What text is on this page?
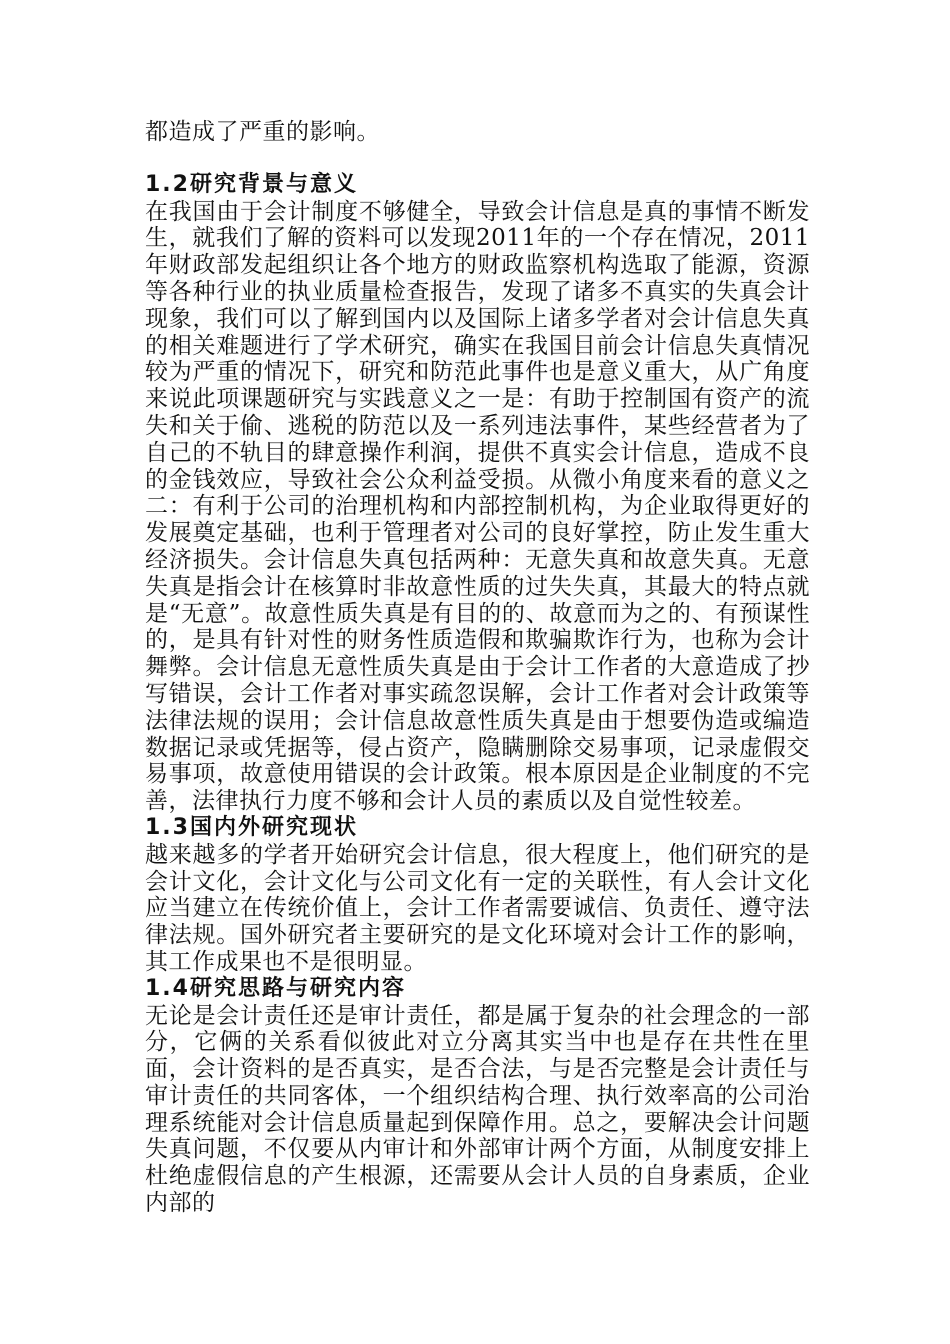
都造成了严重的影响。

1.2研究背景与意义

在我国由于会计制度不够健全，导致会计信息是真的事情不断发生，就我们了解的资料可以发现2011年的一个存在情况，2011年财政部发起组织让各个地方的财政监察机构选取了能源，资源等各种行业的执业质量检查报告，发现了诸多不真实的失真会计现象，我们可以了解到国内以及国际上诸多学者对会计信息失真的相关难题进行了学术研究，确实在我国目前会计信息失真情况较为严重的情况下，研究和防范此事件也是意义重大，从广角度来说此项课题研究与实践意义之一是：有助于控制国有资产的流失和关于偷、逃税的防范以及一系列违法事件，某些经营者为了自己的不轨目的肆意操作利润，提供不真实会计信息，造成不良的金钱效应，导致社会公众利益受损。从微小角度来看的意义之二：有利于公司的治理机构和内部控制机构，为企业取得更好的发展奠定基础，也利于管理者对公司的良好掌控，防止发生重大经济损失。会计信息失真包括两种：无意失真和故意失真。无意失真是指会计在核算时非故意性质的过失失真，其最大的特点就是“无意”。故意性质失真是有目的的、故意而为之的、有预谋性的，是具有针对性的财务性质造假和欺骗欺诈行为，也称为会计舞弊。会计信息无意性质失真是由于会计工作者的大意造成了抄写错误，会计工作者对事实疏忽误解，会计工作者对会计政策等法律法规的误用；会计信息故意性质失真是由于想要伪造或编造数据记录或凭据等，侵占资产，隐瞒删除交易事项，记录虚假交易事项，故意使用错误的会计政策。根本原因是企业制度的不完善，法律执行力度不够和会计人员的素质以及自觉性较差。

1.3国内外研究现状

越来越多的学者开始研究会计信息，很大程度上，他们研究的是会计文化，会计文化与公司文化有一定的关联性，有人会计文化应当建立在传统价值上，会计工作者需要诚信、负责任、遵守法律法规。国外研究者主要研究的是文化环境对会计工作的影响，其工作成果也不是很明显。

1.4研究思路与研究内容

无论是会计责任还是审计责任，都是属于复杂的社会理念的一部分，它俩的关系看似彼此对立分离其实当中也是存在共性在里面，会计资料的是否真实，是否合法，与是否完整是会计责任与审计责任的共同客体，一个组织结构合理、执行效率高的公司治理系统能对会计信息质量起到保障作用。总之，要解决会计问题失真问题，不仅要从内审计和外部审计两个方面，从制度安排上杜绝虚假信息的产生根源，还需要从会计人员的自身素质，企业内部的
